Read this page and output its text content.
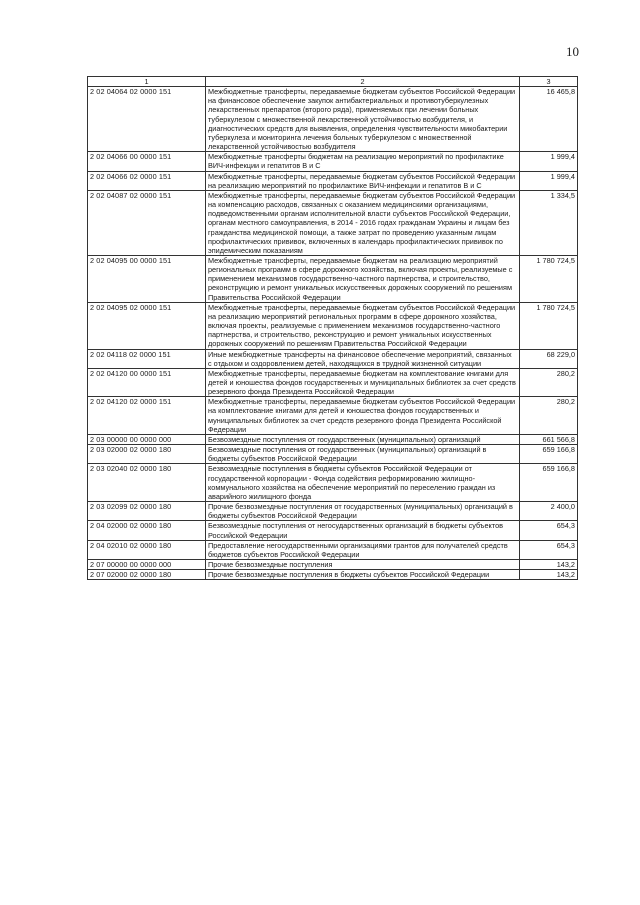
10
1	2	3
2 02 04064 02 0000 151	Межбюджетные трансферты, передаваемые бюджетам субъектов Российской Федерации на финансовое обеспечение закупок антибактериальных и противотуберкулезных лекарственных препаратов (второго ряда), применяемых при лечении больных туберкулезом с множественной лекарственной устойчивостью возбудителя, и диагностических средств для выявления, определения чувствительности микобактерии туберкулеза и мониторинга лечения больных туберкулезом с множественной лекарственной устойчивостью возбудителя	16 465,8
2 02 04066 00 0000 151	Межбюджетные трансферты бюджетам на реализацию мероприятий по профилактике ВИЧ-инфекции и гепатитов В и С	1 999,4
2 02 04066 02 0000 151	Межбюджетные трансферты, передаваемые бюджетам субъектов Российской Федерации на реализацию мероприятий по профилактике ВИЧ-инфекции и гепатитов В и С	1 999,4
2 02 04087 02 0000 151	Межбюджетные трансферты, передаваемые бюджетам субъектов Российской Федерации на компенсацию расходов, связанных с оказанием медицинскими организациями, подведомственными органам исполнительной власти субъектов Российской Федерации, органам местного самоуправления, в 2014 - 2016 годах гражданам Украины и лицам без гражданства медицинской помощи, а также затрат по проведению указанным лицам профилактических прививок, включенных в календарь профилактических прививок по эпидемическим показаниям	1 334,5
2 02 04095 00 0000 151	Межбюджетные трансферты, передаваемые бюджетам на реализацию мероприятий региональных программ в сфере дорожного хозяйства, включая проекты, реализуемые с применением механизмов государственно-частного партнерства, и строительство, реконструкцию и ремонт уникальных искусственных дорожных сооружений по решениям Правительства Российской Федерации	1 780 724,5
2 02 04095 02 0000 151	Межбюджетные трансферты, передаваемые бюджетам субъектов Российской Федерации на реализацию мероприятий региональных программ в сфере дорожного хозяйства, включая проекты, реализуемые с применением механизмов государственно-частного партнерства, и строительство, реконструкцию и ремонт уникальных искусственных дорожных сооружений по решениям Правительства Российской Федерации	1 780 724,5
2 02 04118 02 0000 151	Иные межбюджетные трансферты на финансовое обеспечение мероприятий, связанных с отдыхом и оздоровлением детей, находящихся в трудной жизненной ситуации	68 229,0
2 02 04120 00 0000 151	Межбюджетные трансферты, передаваемые бюджетам на комплектование книгами для детей и юношества фондов государственных и муниципальных библиотек за счет средств резервного фонда Президента Российской Федерации	280,2
2 02 04120 02 0000 151	Межбюджетные трансферты, передаваемые бюджетам субъектов Российской Федерации на комплектование книгами для детей и юношества фондов государственных и муниципальных библиотек за счет средств резервного фонда Президента Российской Федерации	280,2
2 03 00000 00 0000 000	Безвозмездные поступления от государственных (муниципальных) организаций	661 566,8
2 03 02000 02 0000 180	Безвозмездные поступления от государственных (муниципальных) организаций в бюджеты субъектов Российской Федерации	659 166,8
2 03 02040 02 0000 180	Безвозмездные поступления в бюджеты субъектов Российской Федерации от государственной корпорации - Фонда содействия реформированию жилищно-коммунального хозяйства на обеспечение мероприятий по переселению граждан из аварийного жилищного фонда	659 166,8
2 03 02099 02 0000 180	Прочие безвозмездные поступления от государственных (муниципальных) организаций в бюджеты субъектов Российской Федерации	2 400,0
2 04 02000 02 0000 180	Безвозмездные поступления от негосударственных организаций в бюджеты субъектов Российской Федерации	654,3
2 04 02010 02 0000 180	Предоставление негосударственными организациями грантов для получателей средств бюджетов субъектов Российской Федерации	654,3
2 07 00000 00 0000 000	Прочие безвозмездные поступления	143,2
2 07 02000 02 0000 180	Прочие безвозмездные поступления в бюджеты субъектов Российской Федерации	143,2
